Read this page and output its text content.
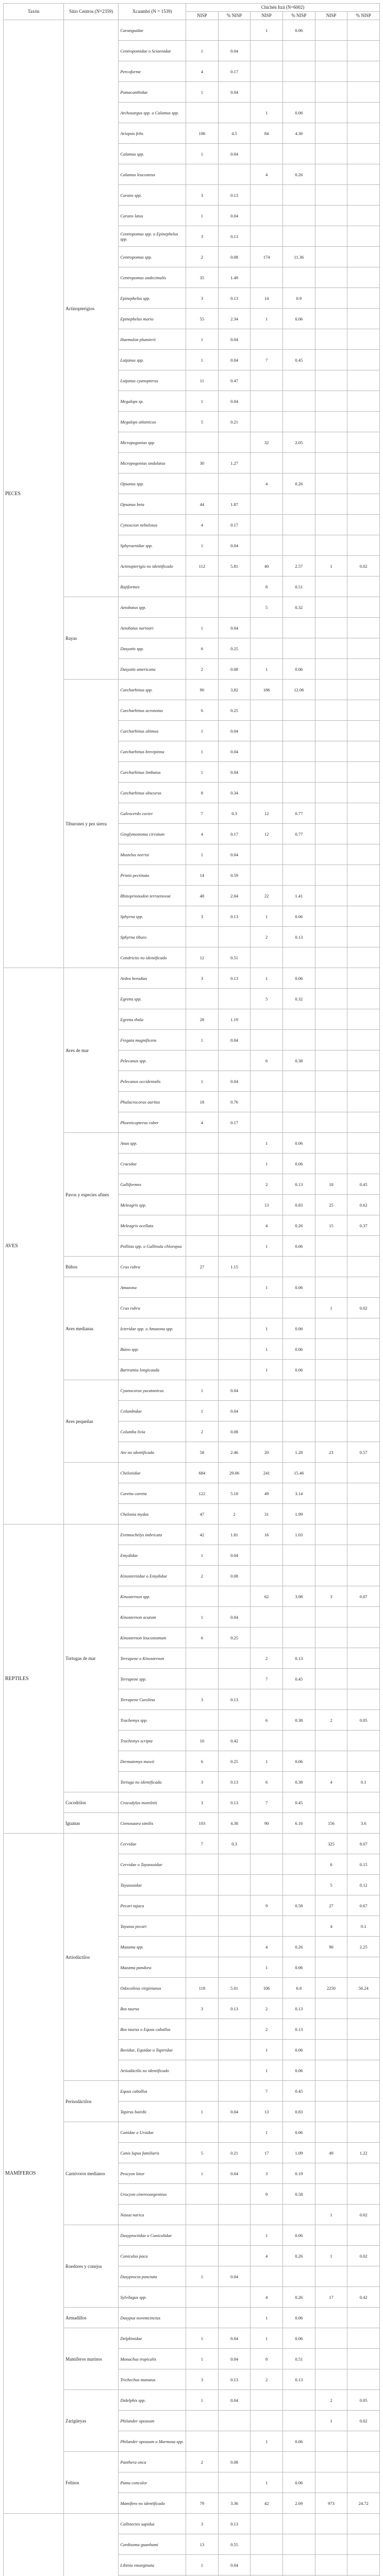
Taxón	Sitio Centros (N=2359)	Xcaambó (N = 1539)	Chichén Itzá (N=6002)					
			NISP	% NISP	NISP	% NISP	NISP	% NISP
PECES	Actinopterigios	Caranguidae			1	0.06		
		Centropomidae o Sciaenidae	1	0.04				
		Percoforme	4	0.17				
		Pomacanthidae	1	0.04				
		Archosargus spp. o Calamus spp.			1	0.06		
		Ariopsis felis	106	4.5	84	4.36		
		Calamus spp.	1	0.04				
		Calamus leucosteus			4	0.26		
		Caranx spp.	3	0.13				
		Caranx latus	1	0.04				
		Centropomus spp. o Epinephelus spp.	3	0.13				
		Centropomus spp.	2	0.08	174	11.36		
		Centropomus undecimalis	35	1.49				
		Epinephelus spp.	3	0.13	14	0.9		
		Epinephelus morio	55	2.34	1	0.06		
		Haemulon plumierii	1	0.04				
		Lutjanus spp.	1	0.04	7	0.45		
		Lutjanus cyanopterus	11	0.47				
		Megalops sp.	1	0.04				
		Megalops atlanticus	5	0.21				
		Micropogonias spp.			32	2.05		
		Micropogonias undulatus	30	1.27				
		Opsanus spp.			4	0.26		
		Opsanus beta	44	1.87				
		Cynoscion nebulosus	4	0.17				
		Sphyraenidae spp.	1	0.04				
		Actinopterigio no identificado	112	5.81	40	2.57	1	0.02
		Rajiformes			8	0.51		
	Rayas	Aetobatus spp.			5	0.32		
		Aetobatus narinari	1	0.04				
		Dasyatis spp.	6	0.25				
		Dasyatis americana	2	0.08	1	0.06		
	Tiburones y pez sierra	Carcharhinus spp.	90	3.82	186	12.06		
		Carcharhinus acronotus	6	0.25				
		Carcharhinus altimus	1	0.04				
		Carcharhinus brevipinna	1	0.04				
		Carcharhinus limbatus	1	0.04				
		Carcharhinus obscurus	8	0.34				
		Galeocerdo cuvier	7	0.3	12	0.77		
		Ginglymostoma cirratum	4	0.17	12	0.77		
		Mustelus norrisi	1	0.04				
		Pristis pectinata	14	0.59				
		Rhizoprionodon terraenovae	48	2.04	22	1.41		
		Sphyrna spp.	3	0.13	1	0.06		
		Sphyrna tiburo			2	0.13		
		Condrictio no identificado	12	0.51				
AVES	Aves de mar	Ardea herodias	3	0.13	1	0.06		
		Egretta spp.			5	0.32		
		Egretta thula	28	1.19				
		Fregata magnificens	1	0.04				
		Pelecanus spp.			6	0.38		
		Pelecanus occidentalis	1	0.04				
		Phalacrocorax auritus	18	0.76				
		Phoenicopterus ruber	4	0.17				
	Pavos y especies afines	Anas spp.			1	0.06		
		Cracidae			1	0.06		
		Galliformes			2	0.13	18	0.45
		Meleagris spp.			13	0.83	25	0.62
		Meleagris ocellata			4	0.26	15	0.37
		Pollitas spp. o Gallinula chloropus			1	0.06		
	Búhos	Crax rubra	27	1.15				
	Aves medianas	Amazona			1	0.06		
		Crax rubra					1	0.02
		Icteridae spp. o Amazona spp.			1	0.06		
		Buteo spp.			1	0.06		
		Bartramia longicauda			1	0.06		
	Aves pequeñas	Cyanocorax yucatanicus	1	0.04				
		Columbidae	1	0.04				
		Columba livia	2	0.08				
		Ave no identificada	58	2.46	20	1.28	23	0.57
		Chelonidae	684	29.06	241	15.46		
		Caretta caretta	122	5.18	49	3.14		
		Chelonia mydas	47	2	31	1.99		
REPTILES	Tortugas de mar	Eretmochelys imbricata	42	1.81	16	1.03		
		Emydidae	1	0.04				
		Kinosternidae o Emydidae	2	0.08				
		Kinosternon spp.			62	3.98	3	0.07
		Kinosternon acutum	1	0.04				
		Kinosternon leucostomum	6	0.25				
		Terrapene o Kinosternon			2	0.13		
		Terrapene spp.			7	0.45		
		Terrapene Carolina	3	0.13				
		Trachemys spp.			6	0.38	2	0.05
		Trachemys scripta	10	0.42				
		Dermatemys mawii	6	0.25	1	0.06		
		Tortuga no identificada	3	0.13	6	0.38	4	0.1
	Cocodrilos	Crocodylus moreletii	3	0.13	7	0.45		
	Iguanas	Ctenosaura similis	103	4.38	90	6.16	156	3.6
MAMÍFEROS	Artiodáctilos	Cervidae	7	0.3			325	8.07
		Cervidae o Tayassuidae					6	0.15
		Tayassuidae					5	0.12
		Pecari tajacu			9	0.58	27	0.67
		Tayassu pecari					4	0.1
		Mazama spp.			4	0.26	90	2.25
		Mazama pandora			1	0.06		
		Odocoileus virginianus	118	5.01	106	6.8	2250	56.24
		Bos taurus	3	0.13	2	0.13		
		Bos taurus o Equus caballus			2	0.13		
		Bovidae, Equidae o Tapiridae			1	0.06		
		Artiodáctilo no identificado			1	0.06		
	Perisodáctilos	Equus caballus			7	0.45		
		Tapirus bairdii	1	0.04	13	0.83		
	Carnívoros medianos	Canidae o Ursidae			1	0.06		
		Canis lupus familiaris	5	0.21	17	1.09	49	1.22
		Procyon lotor	1	0.04	3	0.19		
		Urocyon cinereoargenteus			9	0.58		
		Nasua narica					1	0.02
	Roedores y conejos	Dasyproctidae o Cuniculidae			1	0.06		
		Cuniculus paca			4	0.26	1	0.02
		Dasyprocta punctata	1	0.04				
		Sylvilagus spp.			4	0.26	17	0.42
	Armadillos	Dasypus novemcinctus			1	0.06		
	Mamíferos marinos	Delphinidae	1	0.04	1	0.06		
		Monachus tropicalis	1	0.04	8	0.51		
		Trichechus manatus	3	0.13	2	0.13		
	Zarigüeyas	Didelphis spp.	1	0.04			2	0.05
		Philander opossum					1	0.02
		Philander opossum o Marmosa spp.			1	0.06		
	Felinos	Panthera onca	2	0.08				
		Puma concolor			1	0.06		
		Mamífero no identificado	79	3.36	42	2.69	973	24.72
		Callinectes sapidus	3	0.13				
		Cardisoma guanhumi	13	0.55				
		Libinia emarginata	1	0.04				
